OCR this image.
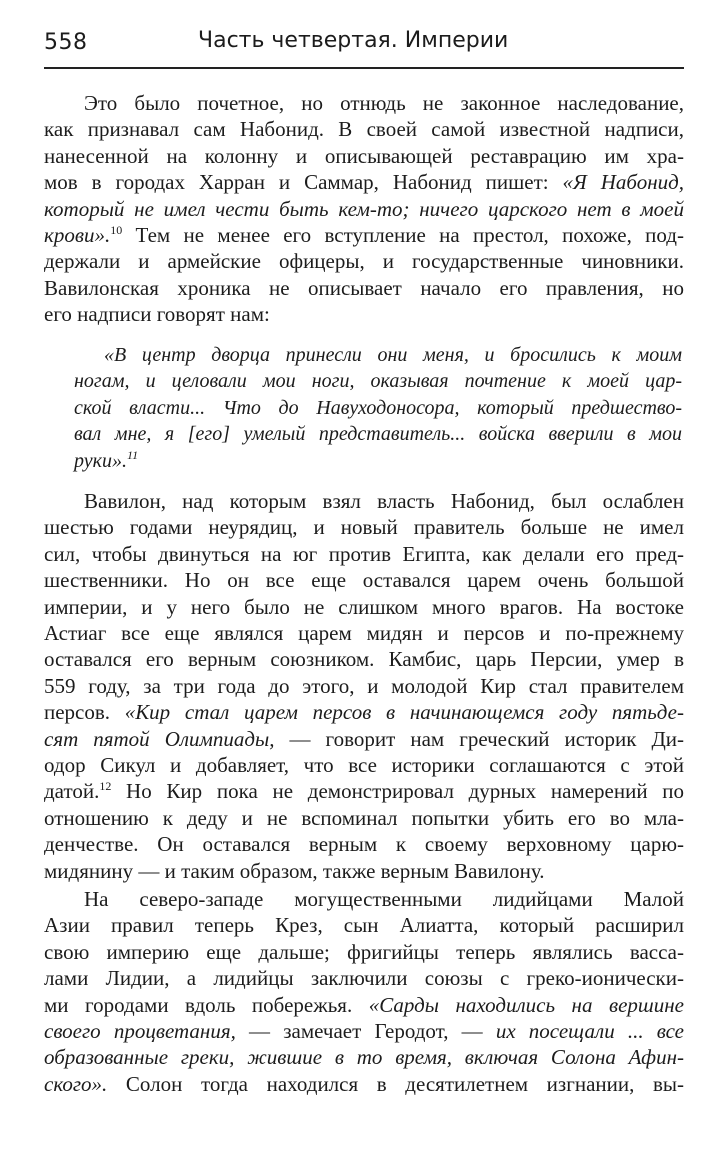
558	Часть четвертая. Империи
Это было почетное, но отнюдь не законное наследование,
как признавал сам Набонид. В своей самой известной надписи,
нанесенной на колонну и описывающей реставрацию им хра-
мов в городах Харран и Саммар, Набонид пишет: «Я Набонид,
который не имел чести быть кем-то; ничего царского нет в моей
крови».$^{10}$ Тем не менее его вступление на престол, похоже, под-
держали и армейские офицеры, и государственные чиновники.
Вавилонская хроника не описывает начало его правления, но
его надписи говорят нам:
«В центр дворца принесли они меня, и бросились к моим
ногам, и целовали мои ноги, оказывая почтение к моей цар-
ской власти... Что до Навуходоносора, который предшество-
вал мне, я [его] умелый представитель... войска вверили в мои
руки».$^{11}$
Вавилон, над которым взял власть Набонид, был ослаблен
шестью годами неурядиц, и новый правитель больше не имел
сил, чтобы двинуться на юг против Египта, как делали его пред-
шественники. Но он все еще оставался царем очень большой
империи, и у него было не слишком много врагов. На востоке
Астиаг все еще являлся царем мидян и персов и по-прежнему
оставался его верным союзником. Камбис, царь Персии, умер в
559 году, за три года до этого, и молодой Кир стал правителем
персов. «Кир стал царем персов в начинающемся году пятьде-
сят пятой Олимпиады, — говорит нам греческий историк Ди-
одор Сикул и добавляет, что все историки соглашаются с этой
датой.$^{12}$ Но Кир пока не демонстрировал дурных намерений по
отношению к деду и не вспоминал попытки убить его во мла-
денчестве. Он оставался верным к своему верховному царю-
мидянину — и таким образом, также верным Вавилону.
На северо-западе могущественными лидийцами Малой
Азии правил теперь Крез, сын Алиатта, который расширил
свою империю еще дальше; фригийцы теперь являлись васса-
лами Лидии, а лидийцы заключили союзы с греко-ионически-
ми городами вдоль побережья. «Сарды находились на вершине
своего процветания, — замечает Геродот, — их посещали ... все
образованные греки, жившие в то время, включая Солона Афин-
ского». Солон тогда находился в десятилетнем изгнании, вы-
